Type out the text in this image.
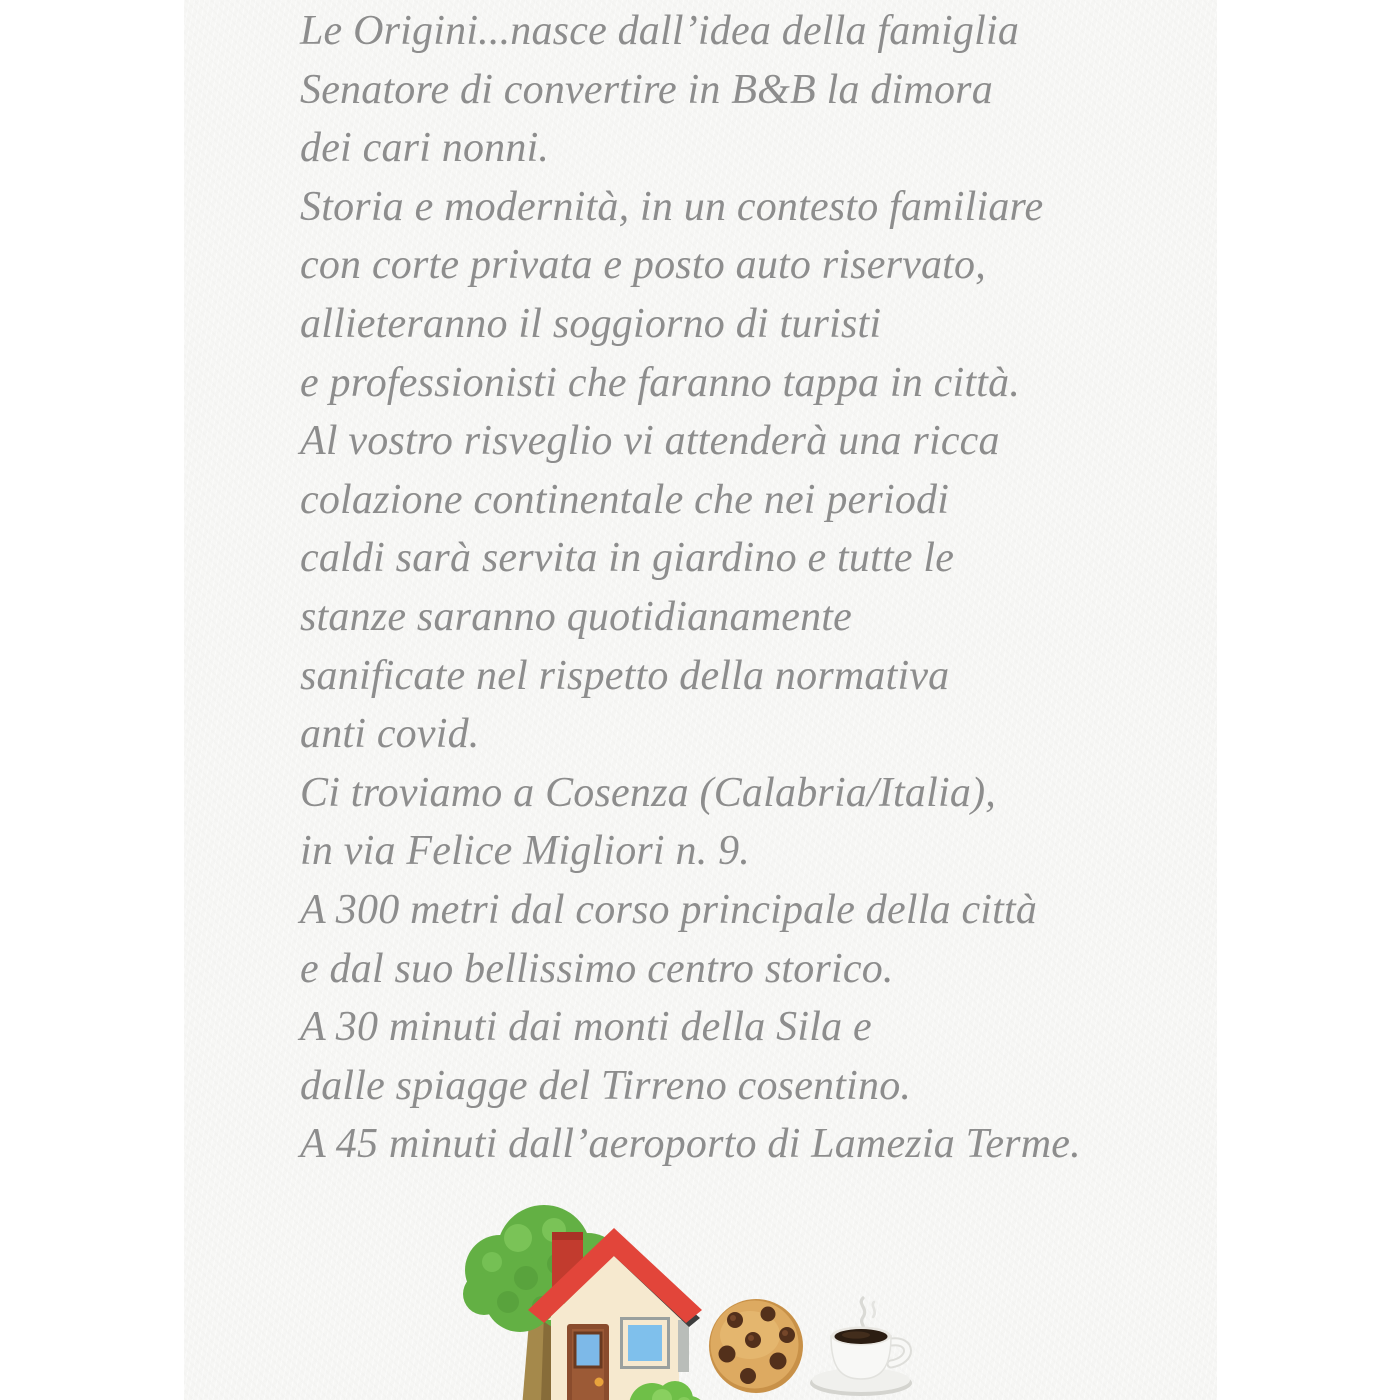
Le Origini...nasce dall’idea della famiglia
Senatore di convertire in B&B la dimora
dei cari nonni.
Storia e modernità, in un contesto familiare
con corte privata e posto auto riservato,
allieteranno il soggiorno di turisti
e professionisti che faranno tappa in città.
Al vostro risveglio vi attenderà una ricca
colazione continentale che nei periodi
caldi sarà servita in giardino e tutte le
stanze saranno quotidianamente
sanificate nel rispetto della normativa
anti covid.
Ci troviamo a Cosenza (Calabria/Italia),
in via Felice Migliori n. 9.
A 300 metri dal corso principale della città
e dal suo bellissimo centro storico.
A 30 minuti dai monti della Sila e
dalle spiagge del Tirreno cosentino.
A 45 minuti dall’aeroporto di Lamezia Terme.
